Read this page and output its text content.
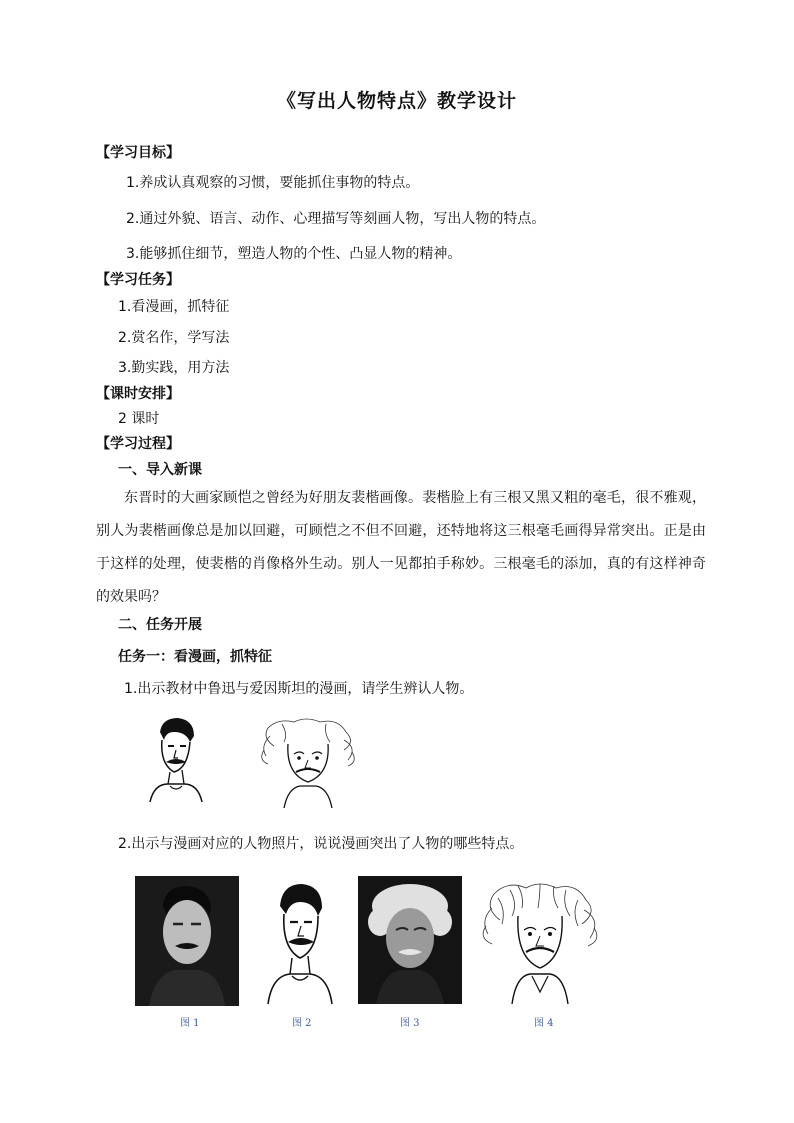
《写出人物特点》教学设计
【学习目标】
1.养成认真观察的习惯，要能抓住事物的特点。
2.通过外貌、语言、动作、心理描写等刻画人物，写出人物的特点。
3.能够抓住细节，塑造人物的个性、凸显人物的精神。
【学习任务】
1.看漫画，抓特征
2.赏名作，学写法
3.勤实践，用方法
【课时安排】
2 课时
【学习过程】
一、导入新课
东晋时的大画家顾恺之曾经为好朋友裴楷画像。裴楷脸上有三根又黑又粗的毫毛，很不雅观，别人为裴楷画像总是加以回避，可顾恺之不但不回避，还特地将这三根毫毛画得异常突出。正是由于这样的处理，使裴楷的肖像格外生动。别人一见都拍手称妙。三根毫毛的添加，真的有这样神奇的效果吗？
二、任务开展
任务一：看漫画，抓特征
1.出示教材中鲁迅与爱因斯坦的漫画，请学生辨认人物。
2.出示与漫画对应的人物照片，说说漫画突出了人物的哪些特点。
图 1	图 2	图 3	图 4
